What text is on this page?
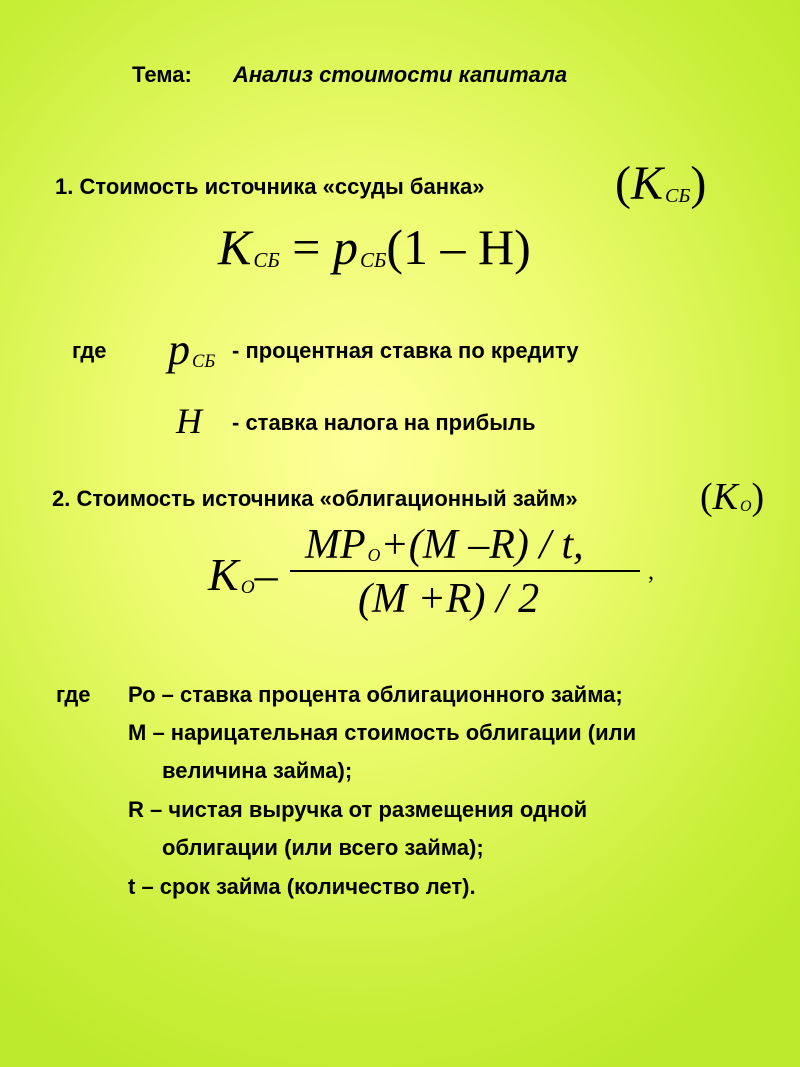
Тема: Анализ стоимости капитала
1. Стоимость источника «ссуды банка»	(KСБ)
KСБ = pСБ(1 – Н)
где pСБ - процентная ставка по кредиту
Н - ставка налога на прибыль
2. Стоимость источника «облигационный займ»	(K О)
K О–
MP О+(M –R) / t,
(M +R) / 2
,
где Ро – ставка процента облигационного займа;
М – нарицательная стоимость облигации (или
величина займа);
R – чистая выручка от размещения одной
облигации (или всего займа);
t – срок займа (количество лет).
